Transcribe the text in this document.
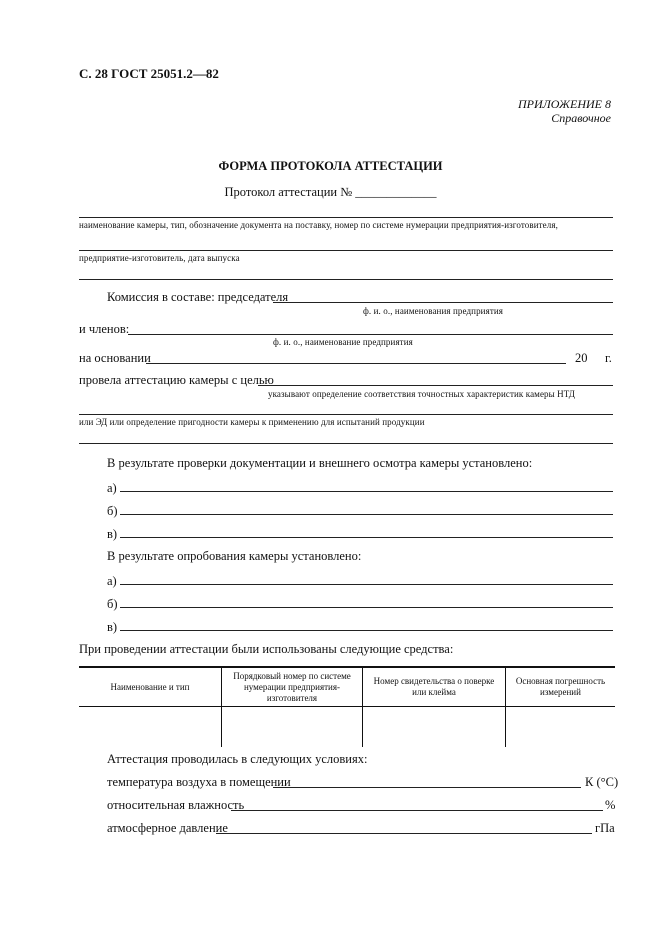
С. 28 ГОСТ 25051.2—82
ПРИЛОЖЕНИЕ 8
Справочное
ФОРМА ПРОТОКОЛА АТТЕСТАЦИИ
Протокол аттестации № _____________
наименование камеры, тип, обозначение документа на поставку, номер по системе нумерации предприятия-изготовителя,
предприятие-изготовитель, дата выпуска
Комиссия в составе: председателя
ф. и. о., наименования предприятия
и членов:
ф. и. о., наименование предприятия
на основании	20 г.
провела аттестацию камеры с целью
указывают определение соответствия точностных характеристик камеры НТД
или ЭД или определение пригодности камеры к применению для испытаний продукции
В результате проверки документации и внешнего осмотра камеры установлено:
а)
б)
в)
В результате опробования камеры установлено:
а)
б)
в)
При проведении аттестации были использованы следующие средства:
Наименование и тип	Порядковый номер по системе нумерации предприятия-изготовителя	Номер свидетельства о поверке или клейма	Основная погрешность измерений

Аттестация проводилась в следующих условиях:
температура воздуха в помещении	К (°С)
относительная влажность	%
атмосферное давление	гПа
